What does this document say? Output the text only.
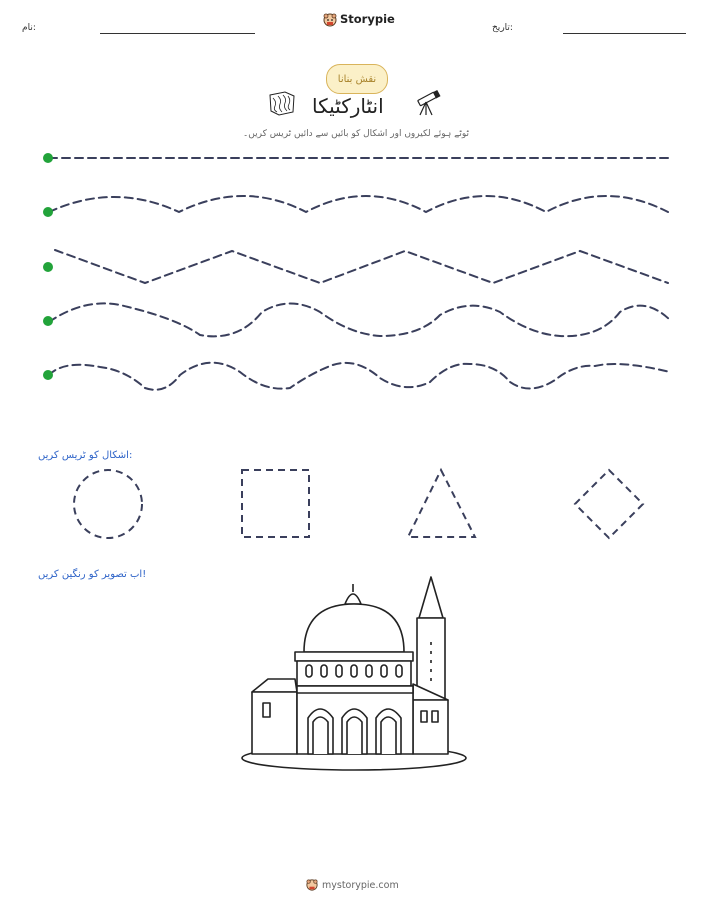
نام:
Storypie
تاریخ:
نقش بنانا
انٹارکٹیکا
ٹوٹے ہوئے لکیروں اور اشکال کو بائیں سے دائیں ٹریس کریں۔
اشکال کو ٹریس کریں:
اب تصویر کو رنگین کریں!
mystorypie.com
